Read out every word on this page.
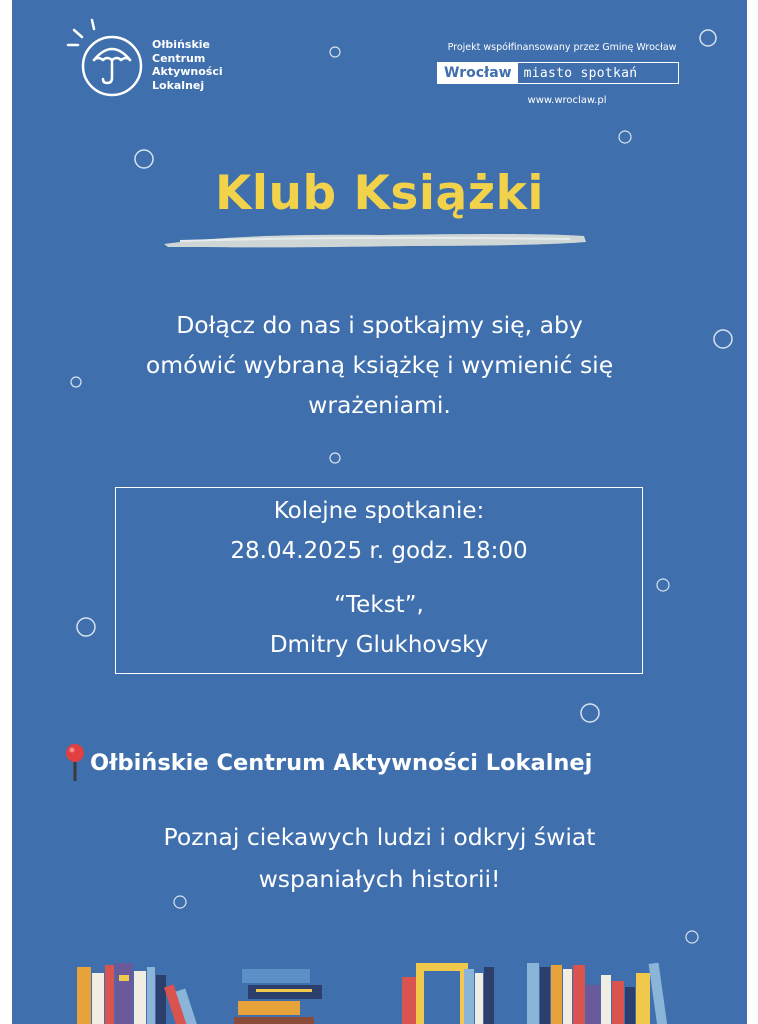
Ołbińskie
Centrum
Aktywności
Lokalnej
Projekt współfinansowany przez Gminę Wrocław
Wrocław miasto spotkań
www.wroclaw.pl
Klub Książki
Dołącz do nas i spotkajmy się, aby
omówić wybraną książkę i wymienić się
wrażeniami.
Kolejne spotkanie:
28.04.2025 r. godz. 18:00
“Tekst”,
Dmitry Glukhovsky
Ołbińskie Centrum Aktywności Lokalnej
Poznaj ciekawych ludzi i odkryj świat
wspaniałych historii!
